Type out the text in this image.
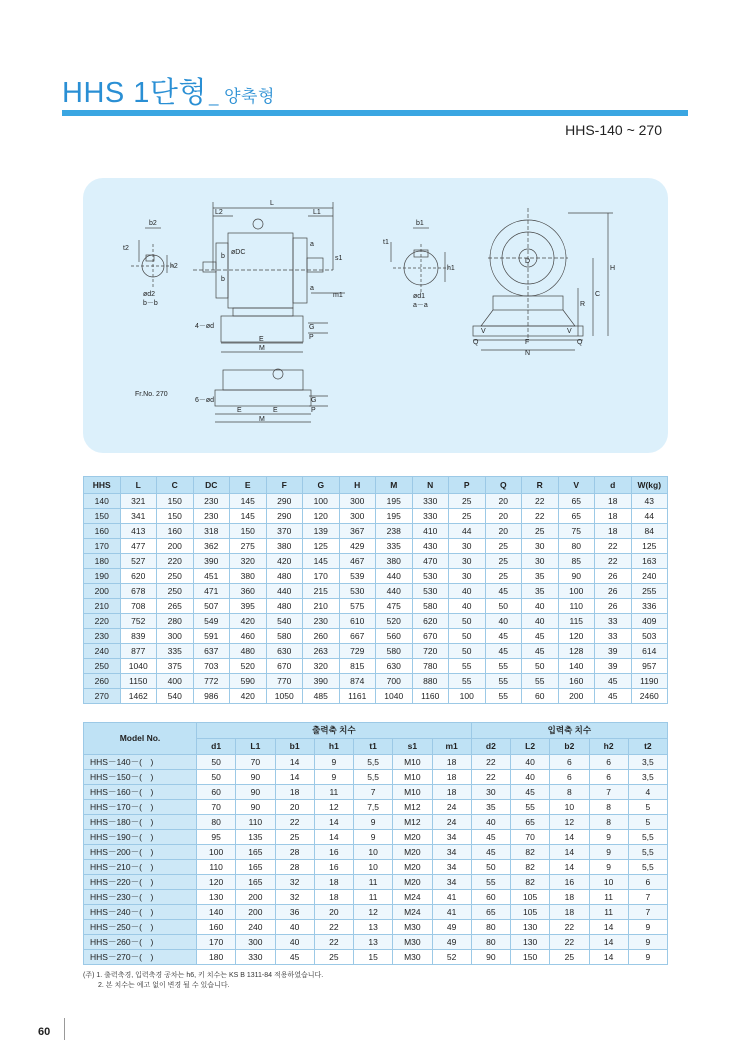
HHS 1단형 _ 양축형
HHS-140 ~ 270
b2
t2
h2
ød2
b－b
L
L2	L1
øDC
a
a
b
b
s1
m1
4－ød
E
M
G
P
Fr.No. 270
6－ød
E	E
M
G
P
b1
t1
h1
ød1
a－a
D
H
C
R
V	V
Q	F	Q
N
HHS	L	C	DC	E	F	G	H	M	N	P	Q	R	V	d	W(kg)
140	321	150	230	145	290	100	300	195	330	25	20	22	65	18	43
150	341	150	230	145	290	120	300	195	330	25	20	22	65	18	44
160	413	160	318	150	370	139	367	238	410	44	20	25	75	18	84
170	477	200	362	275	380	125	429	335	430	30	25	30	80	22	125
180	527	220	390	320	420	145	467	380	470	30	25	30	85	22	163
190	620	250	451	380	480	170	539	440	530	30	25	35	90	26	240
200	678	250	471	360	440	215	530	440	530	40	45	35	100	26	255
210	708	265	507	395	480	210	575	475	580	40	50	40	110	26	336
220	752	280	549	420	540	230	610	520	620	50	40	40	115	33	409
230	839	300	591	460	580	260	667	560	670	50	45	45	120	33	503
240	877	335	637	480	630	263	729	580	720	50	45	45	128	39	614
250	1040	375	703	520	670	320	815	630	780	55	55	50	140	39	957
260	1150	400	772	590	770	390	874	700	880	55	55	55	160	45	1190
270	1462	540	986	420	1050	485	1161	1040	1160	100	55	60	200	45	2460
Model No.	출력축 치수							입력축 치수				
	d1	L1	b1	h1	t1	s1	m1	d2	L2	b2	h2	t2
HHS－140－(　)	50	70	14	9	5,5	M10	18	22	40	6	6	3,5
HHS－150－(　)	50	90	14	9	5,5	M10	18	22	40	6	6	3,5
HHS－160－(　)	60	90	18	11	7	M10	18	30	45	8	7	4
HHS－170－(　)	70	90	20	12	7,5	M12	24	35	55	10	8	5
HHS－180－(　)	80	110	22	14	9	M12	24	40	65	12	8	5
HHS－190－(　)	95	135	25	14	9	M20	34	45	70	14	9	5,5
HHS－200－(　)	100	165	28	16	10	M20	34	45	82	14	9	5,5
HHS－210－(　)	110	165	28	16	10	M20	34	50	82	14	9	5,5
HHS－220－(　)	120	165	32	18	11	M20	34	55	82	16	10	6
HHS－230－(　)	130	200	32	18	11	M24	41	60	105	18	11	7
HHS－240－(　)	140	200	36	20	12	M24	41	65	105	18	11	7
HHS－250－(　)	160	240	40	22	13	M30	49	80	130	22	14	9
HHS－260－(　)	170	300	40	22	13	M30	49	80	130	22	14	9
HHS－270－(　)	180	330	45	25	15	M30	52	90	150	25	14	9
(주) 1. 출력축경, 입력축경 공차는 h6, 키 치수는 KS B 1311-84 적용하였습니다.
2. 본 치수는 예고 없이 변경 될 수 있습니다.
60
